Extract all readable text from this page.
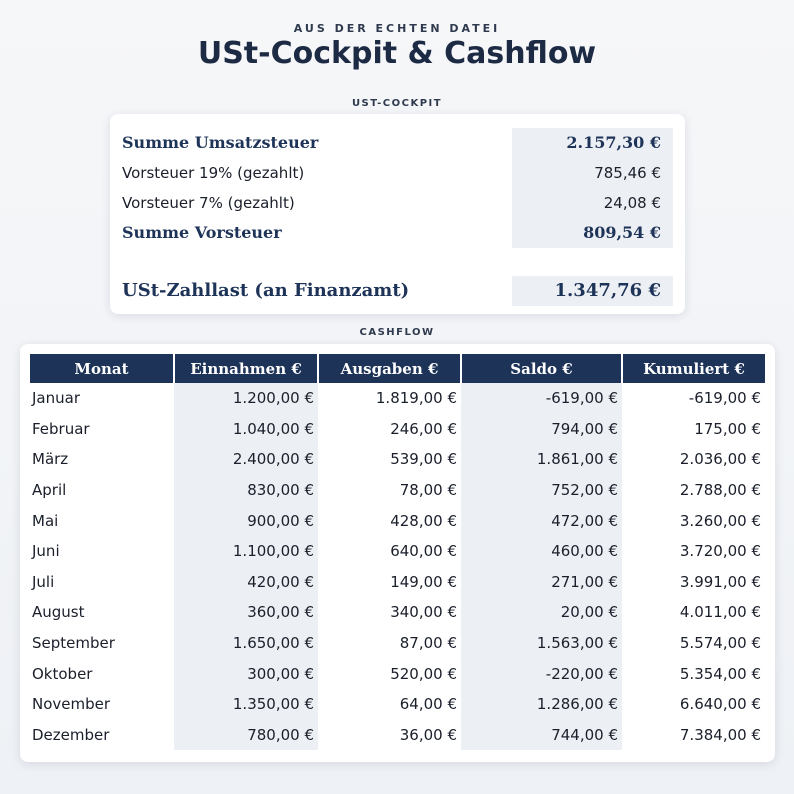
AUS DER ECHTEN DATEI
USt-Cockpit & Cashflow
UST-COCKPIT
Summe Umsatzsteuer	2.157,30 €
Vorsteuer 19% (gezahlt)	785,46 €
Vorsteuer 7% (gezahlt)	24,08 €
Summe Vorsteuer	809,54 €
USt-Zahllast (an Finanzamt)	1.347,76 €
CASHFLOW
Monat	Einnahmen €	Ausgaben €	Saldo €	Kumuliert €
Januar	1.200,00 €	1.819,00 €	-619,00 €	-619,00 €
Februar	1.040,00 €	246,00 €	794,00 €	175,00 €
März	2.400,00 €	539,00 €	1.861,00 €	2.036,00 €
April	830,00 €	78,00 €	752,00 €	2.788,00 €
Mai	900,00 €	428,00 €	472,00 €	3.260,00 €
Juni	1.100,00 €	640,00 €	460,00 €	3.720,00 €
Juli	420,00 €	149,00 €	271,00 €	3.991,00 €
August	360,00 €	340,00 €	20,00 €	4.011,00 €
September	1.650,00 €	87,00 €	1.563,00 €	5.574,00 €
Oktober	300,00 €	520,00 €	-220,00 €	5.354,00 €
November	1.350,00 €	64,00 €	1.286,00 €	6.640,00 €
Dezember	780,00 €	36,00 €	744,00 €	7.384,00 €
